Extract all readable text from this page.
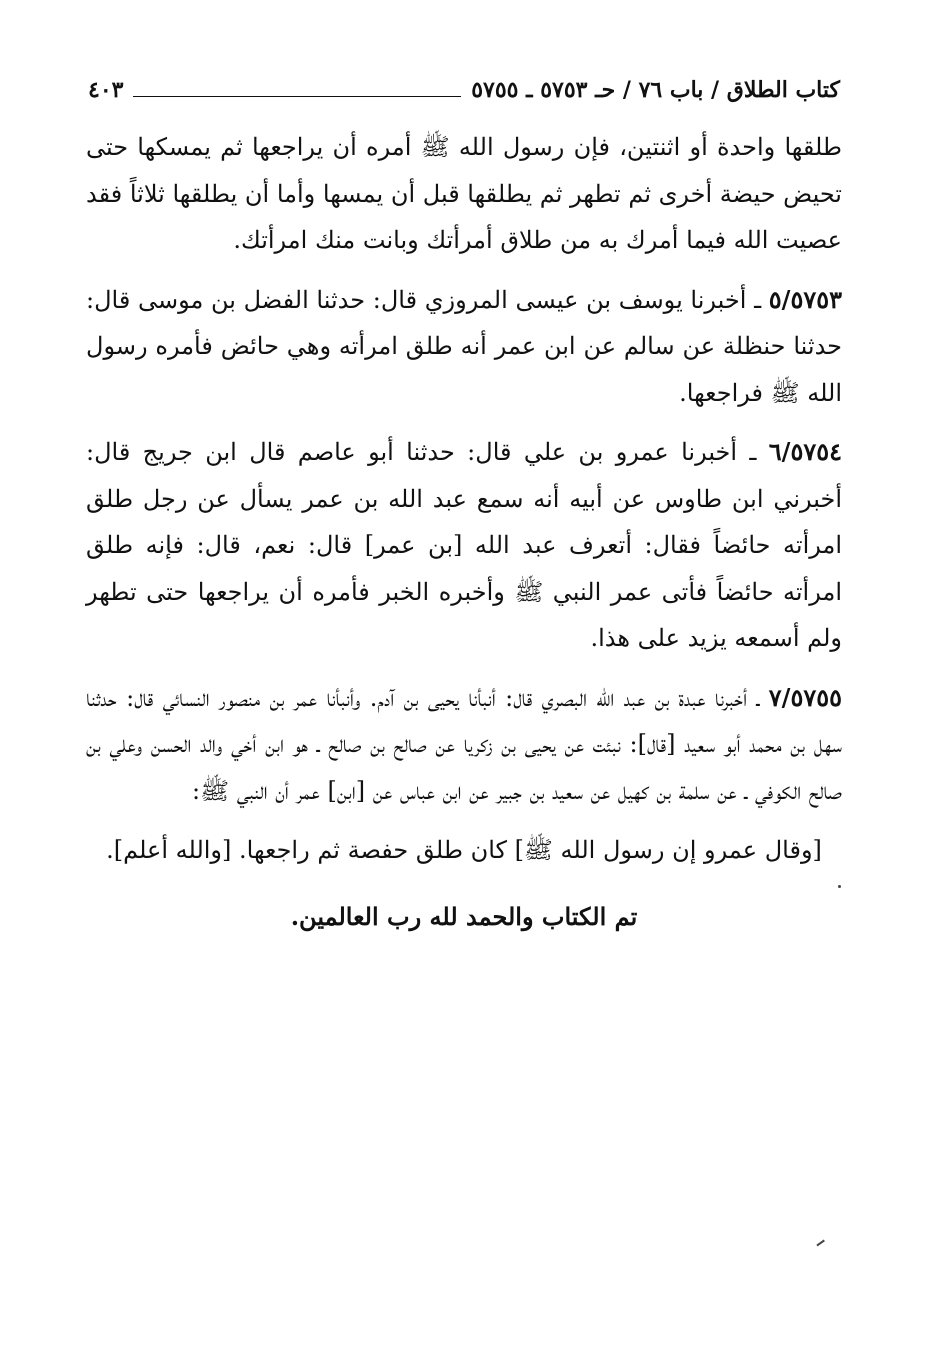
كتاب الطلاق / باب ٧٦ / حـ ٥٧٥٣ ـ ٥٧٥٥
٤٠٣

طلقها واحدة أو اثنتين، فإن رسول الله ﷺ أمره أن يراجعها ثم يمسكها حتى تحيض حيضة أخرى ثم تطهر ثم يطلقها قبل أن يمسها وأما أن يطلقها ثلاثاً فقد عصيت الله فيما أمرك به من طلاق أمرأتك وبانت منك امرأتك.

٥/٥٧٥٣ ـ أخبرنا يوسف بن عيسى المروزي قال: حدثنا الفضل بن موسى قال: حدثنا حنظلة عن سالم عن ابن عمر أنه طلق امرأته وهي حائض فأمره رسول الله ﷺ فراجعها.

٦/٥٧٥٤ ـ أخبرنا عمرو بن علي قال: حدثنا أبو عاصم قال ابن جريج قال: أخبرني ابن طاوس عن أبيه أنه سمع عبد الله بن عمر يسأل عن رجل طلق امرأته حائضاً فقال: أتعرف عبد الله [بن عمر] قال: نعم، قال: فإنه طلق امرأته حائضاً فأتى عمر النبي ﷺ وأخبره الخبر فأمره أن يراجعها حتى تطهر ولم أسمعه يزيد على هذا.

٧/٥٧٥٥ ـ أخبرنا عبدة بن عبد الله البصري قال: أنبأنا يحيى بن آدم. وأنبأنا عمر بن منصور النسائي قال: حدثنا سهل بن محمد أبو سعيد [قال]: نبئت عن يحيى بن زكريا عن صالح بن صالح ـ هو ابن أخي والد الحسن وعلي بن صالح الكوفي ـ عن سلمة بن كهيل عن سعيد بن جبير عن ابن عباس عن [ابن] عمر أن النبي ﷺ:

[وقال عمرو إن رسول الله ﷺ] كان طلق حفصة ثم راجعها. [والله أعلم].

تم الكتاب والحمد لله رب العالمين.
